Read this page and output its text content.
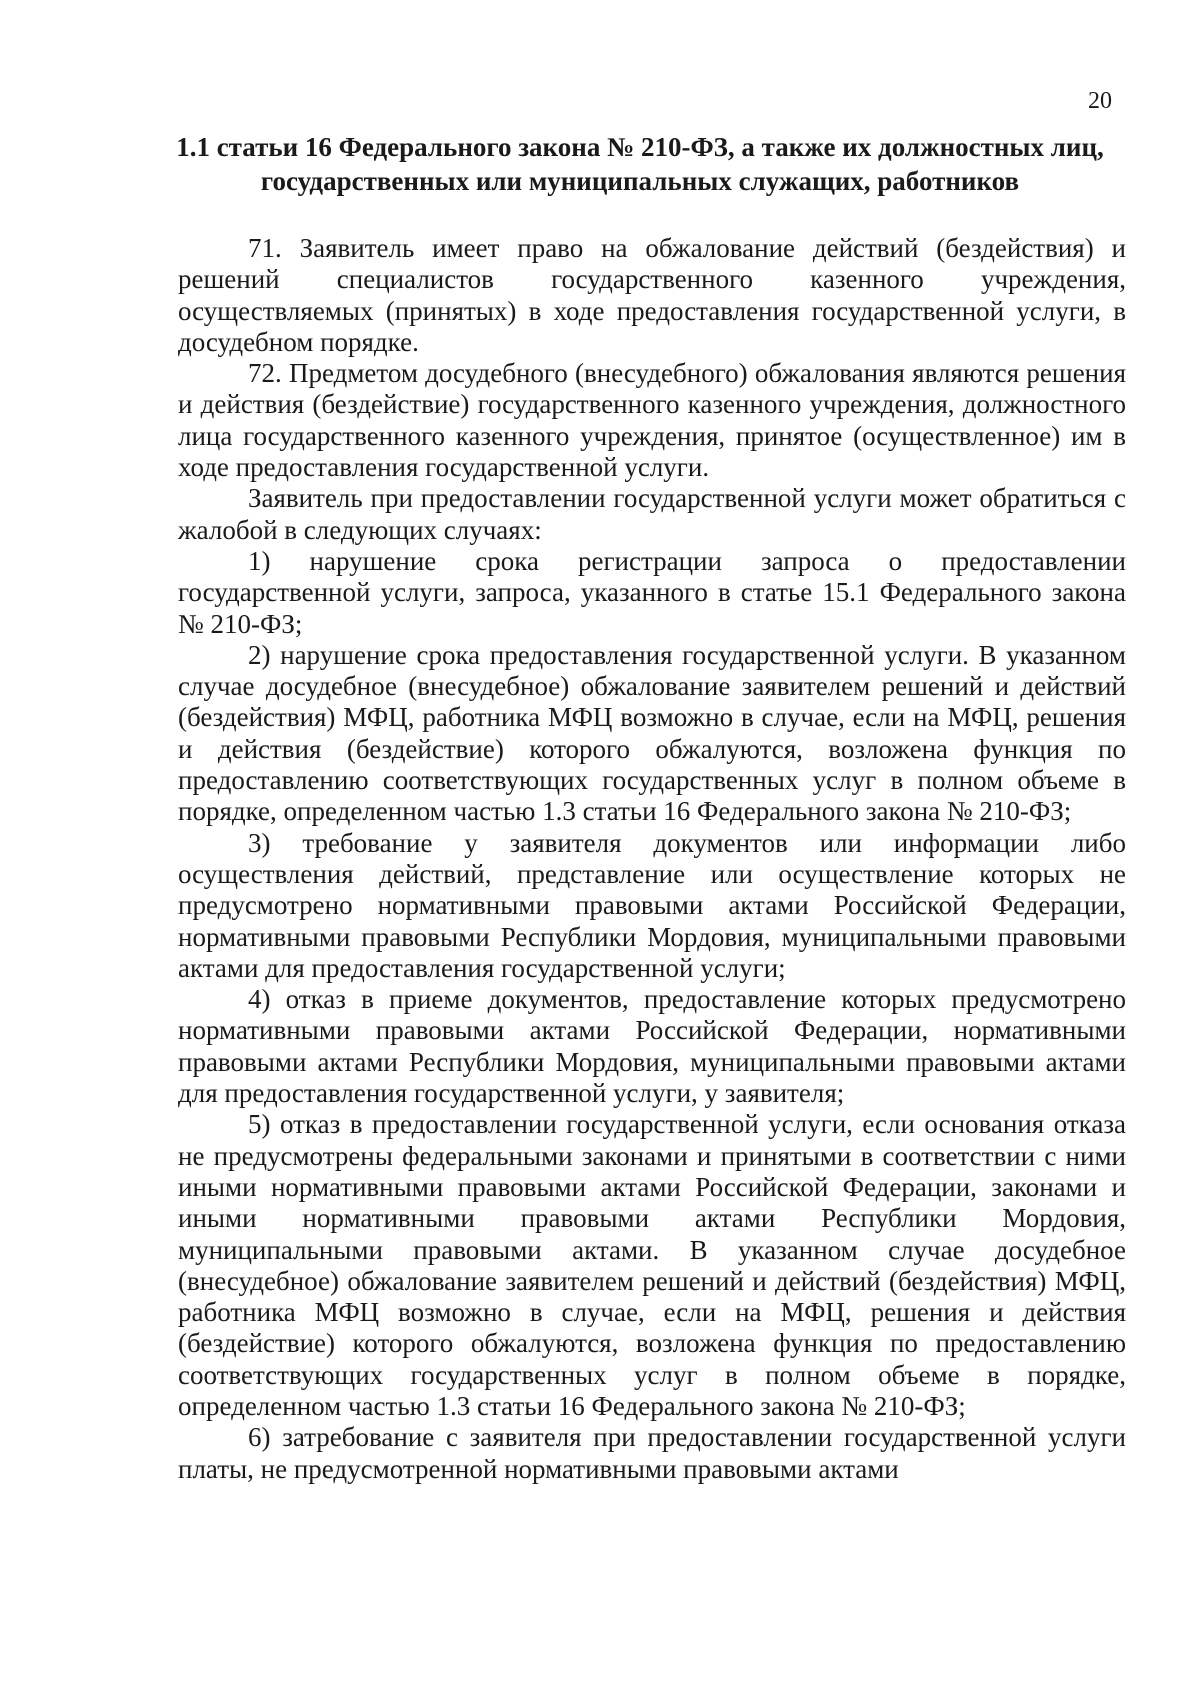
20
1.1 статьи 16 Федерального закона № 210-ФЗ, а также их должностных лиц, государственных или муниципальных служащих, работников

71. Заявитель имеет право на обжалование действий (бездействия) и решений специалистов государственного казенного учреждения, осуществляемых (принятых) в ходе предоставления государственной услуги, в досудебном порядке.

72. Предметом досудебного (внесудебного) обжалования являются решения и действия (бездействие) государственного казенного учреждения, должностного лица государственного казенного учреждения, принятое (осуществленное) им в ходе предоставления государственной услуги.

Заявитель при предоставлении государственной услуги может обратиться с жалобой в следующих случаях:

1) нарушение срока регистрации запроса о предоставлении государственной услуги, запроса, указанного в статье 15.1 Федерального закона № 210-ФЗ;

2) нарушение срока предоставления государственной услуги. В указанном случае досудебное (внесудебное) обжалование заявителем решений и действий (бездействия) МФЦ, работника МФЦ возможно в случае, если на МФЦ, решения и действия (бездействие) которого обжалуются, возложена функция по предоставлению соответствующих государственных услуг в полном объеме в порядке, определенном частью 1.3 статьи 16 Федерального закона № 210-ФЗ;

3) требование у заявителя документов или информации либо осуществления действий, представление или осуществление которых не предусмотрено нормативными правовыми актами Российской Федерации, нормативными правовыми Республики Мордовия, муниципальными правовыми актами для предоставления государственной услуги;

4) отказ в приеме документов, предоставление которых предусмотрено нормативными правовыми актами Российской Федерации, нормативными правовыми актами Республики Мордовия, муниципальными правовыми актами для предоставления государственной услуги, у заявителя;

5) отказ в предоставлении государственной услуги, если основания отказа не предусмотрены федеральными законами и принятыми в соответствии с ними иными нормативными правовыми актами Российской Федерации, законами и иными нормативными правовыми актами Республики Мордовия, муниципальными правовыми актами. В указанном случае досудебное (внесудебное) обжалование заявителем решений и действий (бездействия) МФЦ, работника МФЦ возможно в случае, если на МФЦ, решения и действия (бездействие) которого обжалуются, возложена функция по предоставлению соответствующих государственных услуг в полном объеме в порядке, определенном частью 1.3 статьи 16 Федерального закона № 210-ФЗ;

6) затребование с заявителя при предоставлении государственной услуги платы, не предусмотренной нормативными правовыми актами
